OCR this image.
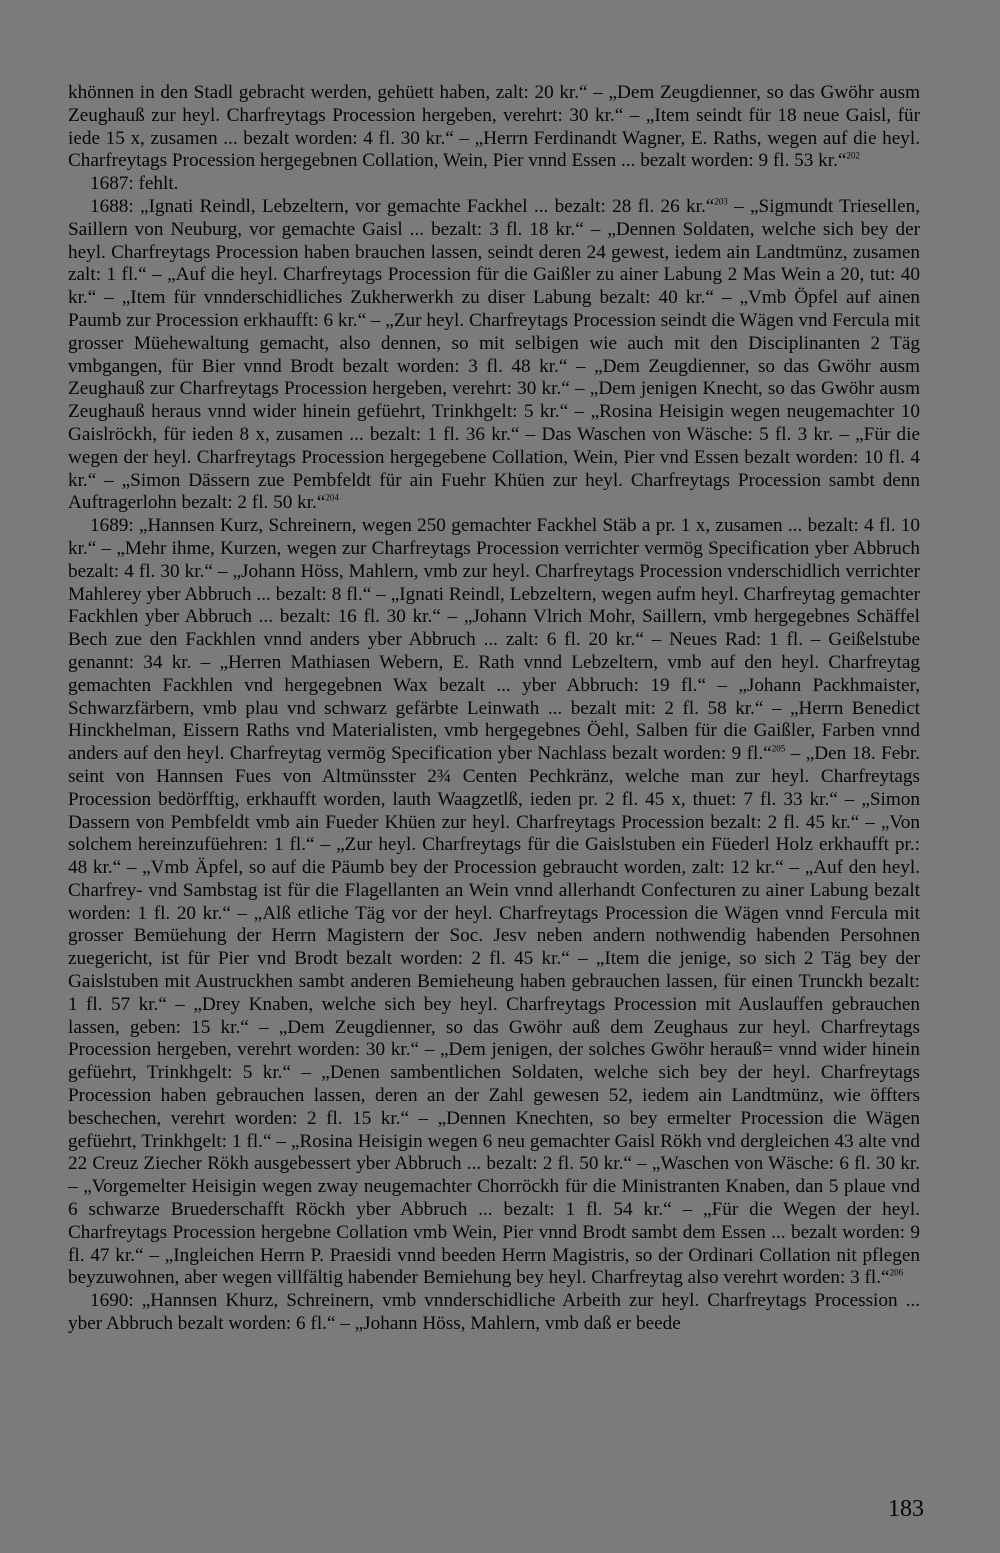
khönnen in den Stadl gebracht werden, gehüett haben, zalt: 20 kr.“ – „Dem Zeugdienner, so das Gwöhr ausm Zeughauß zur heyl. Charfreytags Procession hergeben, verehrt: 30 kr.“ – „Item seindt für 18 neue Gaisl, für iede 15 x, zusamen ... bezalt worden: 4 fl. 30 kr.“ – „Herrn Ferdinandt Wagner, E. Raths, wegen auf die heyl. Charfreytags Procession hergegebnen Collation, Wein, Pier vnnd Essen ... bezalt worden: 9 fl. 53 kr.“$^{202}$

1687: fehlt.

1688: „Ignati Reindl, Lebzeltern, vor gemachte Fackhel ... bezalt: 28 fl. 26 kr.“$^{203}$ – „Sigmundt Triesellen, Saillern von Neuburg, vor gemachte Gaisl ... bezalt: 3 fl. 18 kr.“ – „Dennen Soldaten, welche sich bey der heyl. Charfreytags Procession haben brauchen lassen, seindt deren 24 gewest, iedem ain Landtmünz, zusamen zalt: 1 fl.“ – „Auf die heyl. Charfreytags Procession für die Gaißler zu ainer Labung 2 Mas Wein a 20, tut: 40 kr.“ – „Item für vnnderschidliches Zukherwerkh zu diser Labung bezalt: 40 kr.“ – „Vmb Öpfel auf ainen Paumb zur Procession erkhaufft: 6 kr.“ – „Zur heyl. Charfreytags Procession seindt die Wägen vnd Fercula mit grosser Müehewaltung gemacht, also dennen, so mit selbigen wie auch mit den Disciplinanten 2 Täg vmbgangen, für Bier vnnd Brodt bezalt worden: 3 fl. 48 kr.“ – „Dem Zeugdienner, so das Gwöhr ausm Zeughauß zur Charfreytags Procession hergeben, verehrt: 30 kr.“ – „Dem jenigen Knecht, so das Gwöhr ausm Zeughauß heraus vnnd wider hinein gefüehrt, Trinkhgelt: 5 kr.“ – „Rosina Heisigin wegen neugemachter 10 Gaislröckh, für ieden 8 x, zusamen ... bezalt: 1 fl. 36 kr.“ – Das Waschen von Wäsche: 5 fl. 3 kr. – „Für die wegen der heyl. Charfreytags Procession hergegebene Collation, Wein, Pier vnd Essen bezalt worden: 10 fl. 4 kr.“ – „Simon Dässern zue Pembfeldt für ain Fuehr Khüen zur heyl. Charfreytags Procession sambt denn Auftragerlohn bezalt: 2 fl. 50 kr.“$^{204}$

1689: „Hannsen Kurz, Schreinern, wegen 250 gemachter Fackhel Stäb a pr. 1 x, zusamen ... bezalt: 4 fl. 10 kr.“ – „Mehr ihme, Kurzen, wegen zur Charfreytags Procession verrichter vermög Specification yber Abbruch bezalt: 4 fl. 30 kr.“ – „Johann Höss, Mahlern, vmb zur heyl. Charfreytags Procession vnderschidlich verrichter Mahlerey yber Abbruch ... bezalt: 8 fl.“ – „Ignati Reindl, Lebzeltern, wegen aufm heyl. Charfreytag gemachter Fackhlen yber Abbruch ... bezalt: 16 fl. 30 kr.“ – „Johann Vlrich Mohr, Saillern, vmb hergegebnes Schäffel Bech zue den Fackhlen vnnd anders yber Abbruch ... zalt: 6 fl. 20 kr.“ – Neues Rad: 1 fl. – Geißelstube genannt: 34 kr. – „Herren Mathiasen Webern, E. Rath vnnd Lebzeltern, vmb auf den heyl. Charfreytag gemachten Fackhlen vnd hergegebnen Wax bezalt ... yber Abbruch: 19 fl.“ – „Johann Packhmaister, Schwarzfärbern, vmb plau vnd schwarz gefärbte Leinwath ... bezalt mit: 2 fl. 58 kr.“ – „Herrn Benedict Hinckhelman, Eissern Raths vnd Materialisten, vmb hergegebnes Öehl, Salben für die Gaißler, Farben vnnd anders auf den heyl. Charfreytag vermög Specification yber Nachlass bezalt worden: 9 fl.“$^{205}$ – „Den 18. Febr. seint von Hannsen Fues von Altmünsster 2¾ Centen Pechkränz, welche man zur heyl. Charfreytags Procession bedörfftig, erkhaufft worden, lauth Waagzetlß, ieden pr. 2 fl. 45 x, thuet: 7 fl. 33 kr.“ – „Simon Dassern von Pembfeldt vmb ain Fueder Khüen zur heyl. Charfreytags Procession bezalt: 2 fl. 45 kr.“ – „Von solchem hereinzufüehren: 1 fl.“ – „Zur heyl. Charfreytags für die Gaislstuben ein Füederl Holz erkhaufft pr.: 48 kr.“ – „Vmb Äpfel, so auf die Päumb bey der Procession gebraucht worden, zalt: 12 kr.“ – „Auf den heyl. Charfrey- vnd Sambstag ist für die Flagellanten an Wein vnnd allerhandt Confecturen zu ainer Labung bezalt worden: 1 fl. 20 kr.“ – „Alß etliche Täg vor der heyl. Charfreytags Procession die Wägen vnnd Fercula mit grosser Bemüehung der Herrn Magistern der Soc. Jesv neben andern nothwendig habenden Persohnen zuegericht, ist für Pier vnd Brodt bezalt worden: 2 fl. 45 kr.“ – „Item die jenige, so sich 2 Täg bey der Gaislstuben mit Austruckhen sambt anderen Bemieheung haben gebrauchen lassen, für einen Trunckh bezalt: 1 fl. 57 kr.“ – „Drey Knaben, welche sich bey heyl. Charfreytags Procession mit Auslauffen gebrauchen lassen, geben: 15 kr.“ – „Dem Zeugdienner, so das Gwöhr auß dem Zeughaus zur heyl. Charfreytags Procession hergeben, verehrt worden: 30 kr.“ – „Dem jenigen, der solches Gwöhr herauß= vnnd wider hinein gefüehrt, Trinkhgelt: 5 kr.“ – „Denen sambentlichen Soldaten, welche sich bey der heyl. Charfreytags Procession haben gebrauchen lassen, deren an der Zahl gewesen 52, iedem ain Landtmünz, wie öffters beschechen, verehrt worden: 2 fl. 15 kr.“ – „Dennen Knechten, so bey ermelter Procession die Wägen gefüehrt, Trinkhgelt: 1 fl.“ – „Rosina Heisigin wegen 6 neu gemachter Gaisl Rökh vnd dergleichen 43 alte vnd 22 Creuz Ziecher Rökh ausgebessert yber Abbruch ... bezalt: 2 fl. 50 kr.“ – „Waschen von Wäsche: 6 fl. 30 kr. – „Vorgemelter Heisigin wegen zway neugemachter Chorröckh für die Ministranten Knaben, dan 5 plaue vnd 6 schwarze Bruederschafft Röckh yber Abbruch ... bezalt: 1 fl. 54 kr.“ – „Für die Wegen der heyl. Charfreytags Procession hergebne Collation vmb Wein, Pier vnnd Brodt sambt dem Essen ... bezalt worden: 9 fl. 47 kr.“ – „Ingleichen Herrn P. Praesidi vnnd beeden Herrn Magistris, so der Ordinari Collation nit pflegen beyzuwohnen, aber wegen villfältig habender Bemiehung bey heyl. Charfreytag also verehrt worden: 3 fl.“$^{206}$

1690: „Hannsen Khurz, Schreinern, vmb vnnderschidliche Arbeith zur heyl. Charfreytags Procession ... yber Abbruch bezalt worden: 6 fl.“ – „Johann Höss, Mahlern, vmb daß er beede

183
